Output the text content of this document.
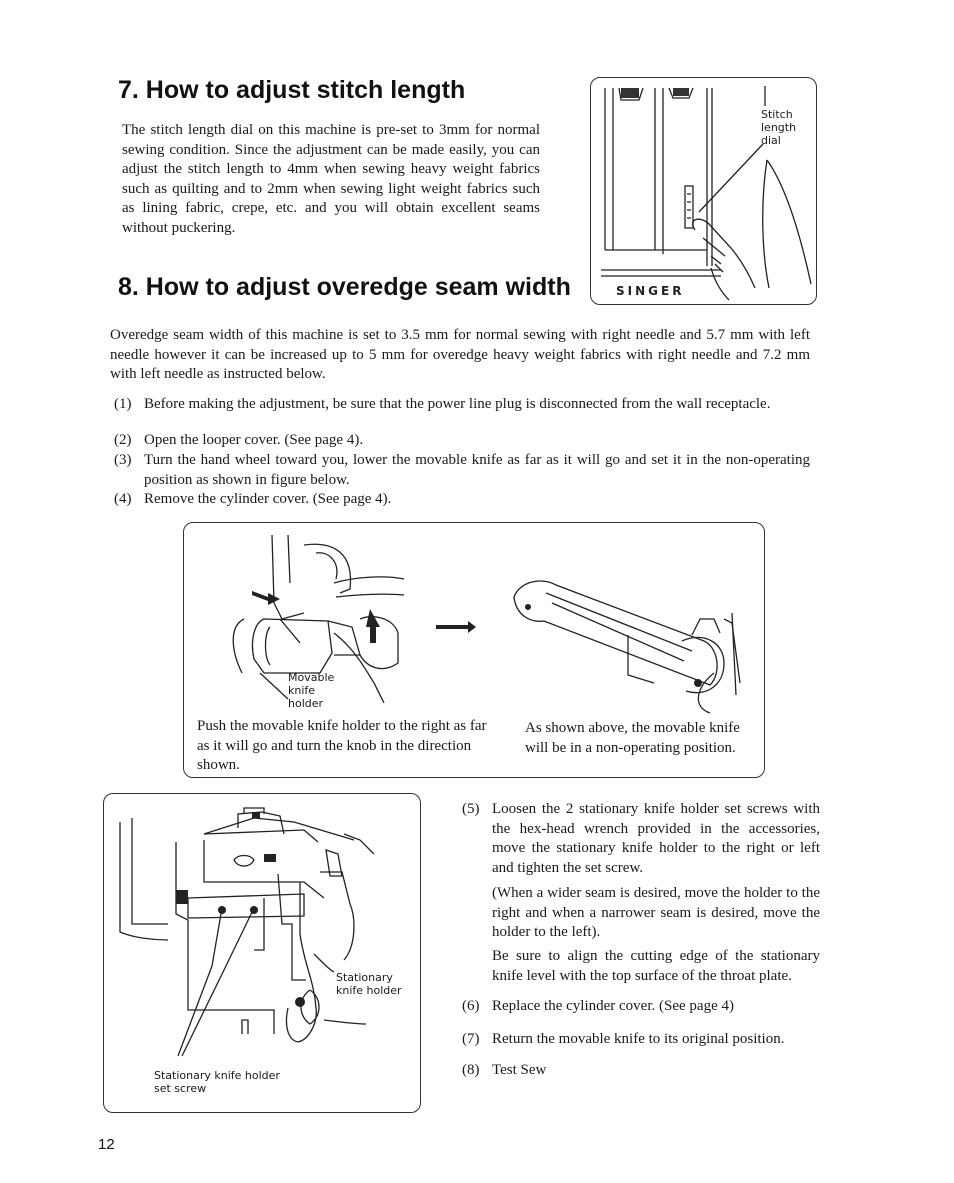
7. How to adjust stitch length
The stitch length dial on this machine is pre-set to 3mm for normal sewing condition. Since the adjustment can be made easily, you can adjust the stitch length to 4mm when sewing heavy weight fabrics such as quilting and to 2mm when sewing light weight fabrics such as lining fabric, crepe, etc. and you will obtain excellent seams without puckering.
Stitch
length
dial
SINGER
8. How to adjust overedge seam width
Overedge seam width of this machine is set to 3.5 mm for normal sewing with right needle and 5.7 mm with left needle however it can be increased up to 5 mm for overedge heavy weight fabrics with right needle and 7.2 mm with left needle as instructed below.
(1) Before making the adjustment, be sure that the power line plug is disconnected from the wall receptacle.
(2) Open the looper cover. (See page 4).
(3) Turn the hand wheel toward you, lower the movable knife as far as it will go and set it in the non-operating position as shown in figure below.
(4) Remove the cylinder cover. (See page 4).
Movable
knife
holder
Push the movable knife holder to the right as far as it will go and turn the knob in the direction shown.
As shown above, the movable knife will be in a non-operating position.
Stationary
knife holder
Stationary knife holder
set screw
(5) Loosen the 2 stationary knife holder set screws with the hex-head wrench provided in the accessories, move the stationary knife holder to the right or left and tighten the set screw.
(When a wider seam is desired, move the holder to the right and when a narrower seam is desired, move the holder to the left).
Be sure to align the cutting edge of the stationary knife level with the top surface of the throat plate.
(6) Replace the cylinder cover. (See page 4)
(7) Return the movable knife to its original position.
(8) Test Sew
12
